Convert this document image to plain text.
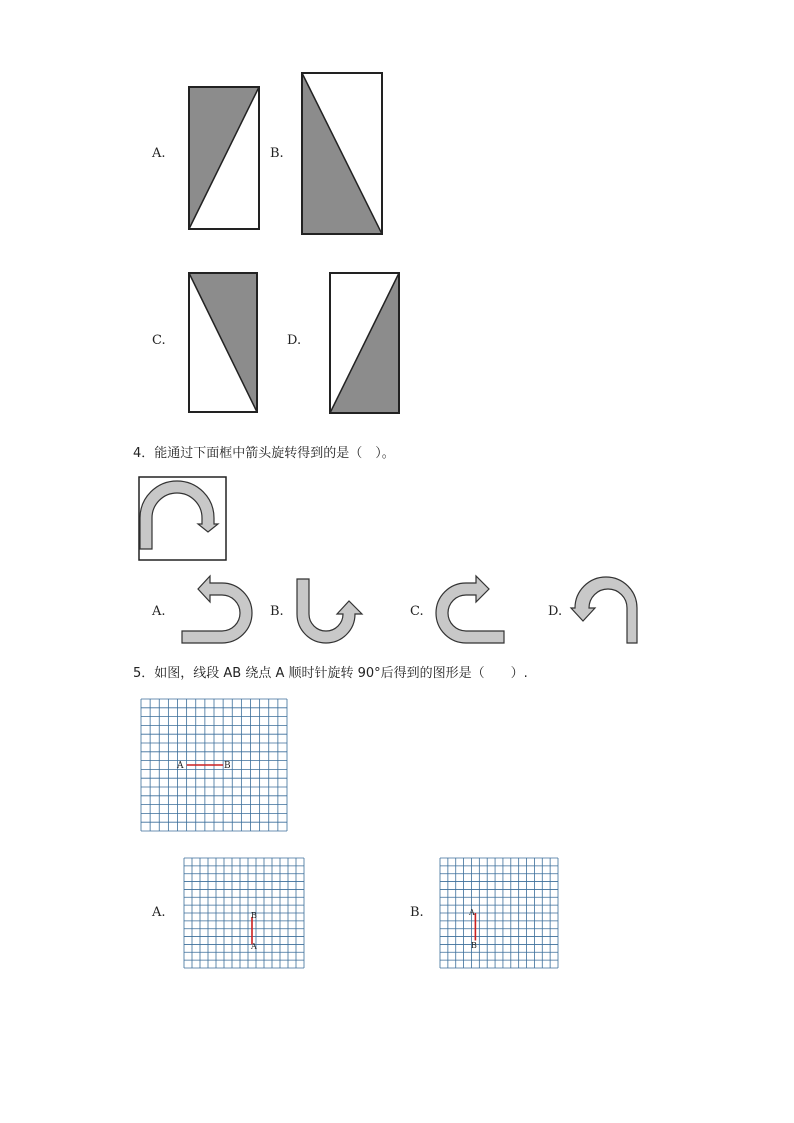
A.	B.
C.	D.
4．能通过下面框中箭头旋转得到的是（　）。
A.	B.	C.	D.
5．如图，线段 AB 绕点 A 顺时针旋转 90°后得到的图形是（　　）.
A	B
A.	B
A
B.	A
B
